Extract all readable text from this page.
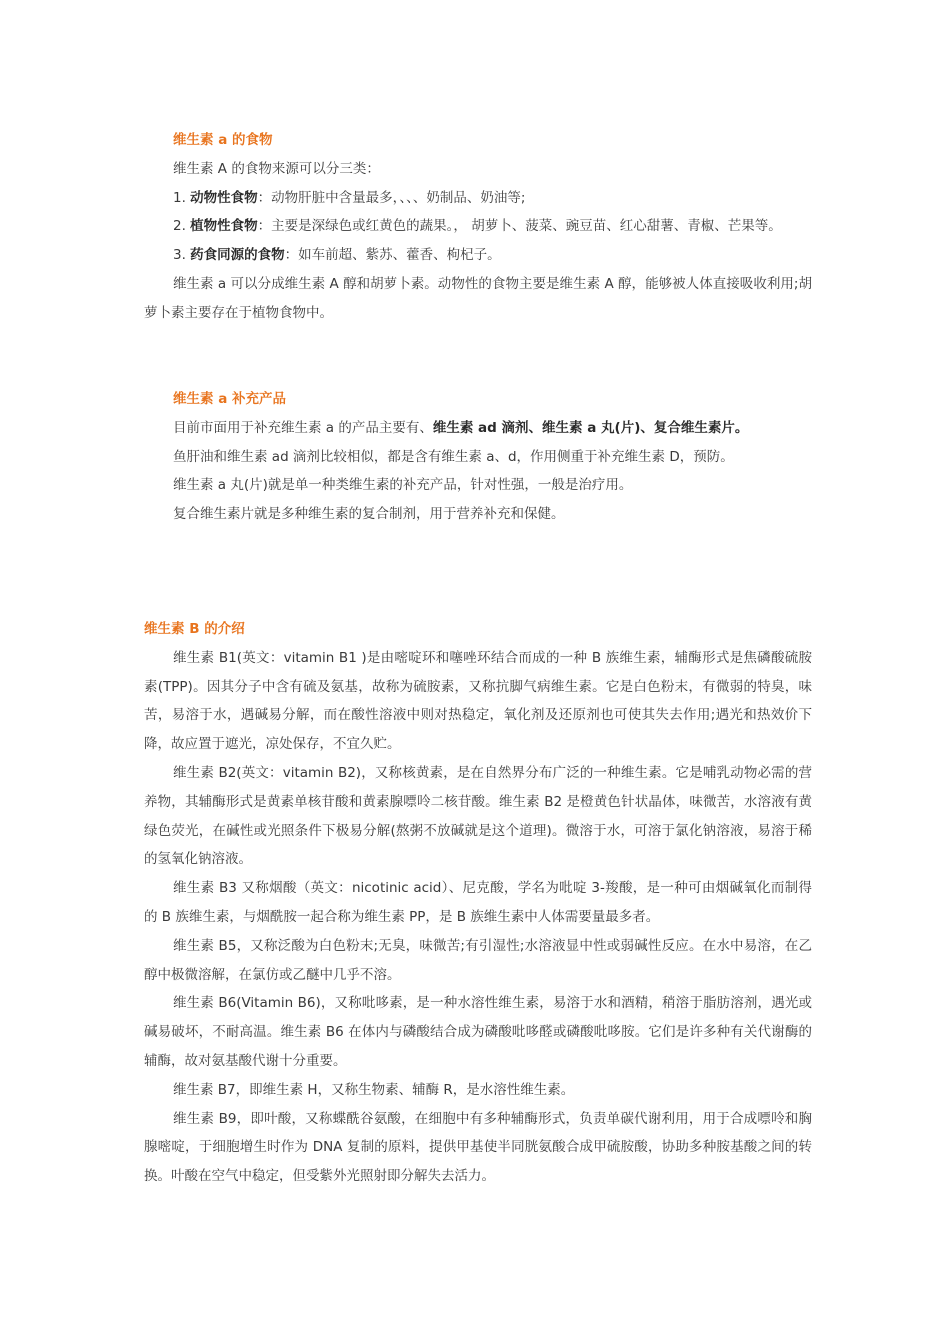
维生素 a 的食物

维生素 A 的食物来源可以分三类：

1. 动物性食物：动物肝脏中含量最多，、、、奶制品、奶油等;

2. 植物性食物：主要是深绿色或红黄色的蔬果。， 胡萝卜、菠菜、豌豆苗、红心甜薯、青椒、芒果等。

3. 药食同源的食物：如车前超、紫苏、藿香、枸杞子。

维生素 a 可以分成维生素 A 醇和胡萝卜素。动物性的食物主要是维生素 A 醇，能够被人体直接吸收利用;胡萝卜素主要存在于植物食物中。

维生素 a 补充产品

目前市面用于补充维生素 a 的产品主要有、维生素 ad 滴剂、维生素 a 丸(片)、复合维生素片。

鱼肝油和维生素 ad 滴剂比较相似，都是含有维生素 a、d，作用侧重于补充维生素 D，预防。

维生素 a 丸(片)就是单一种类维生素的补充产品，针对性强，一般是治疗用。

复合维生素片就是多种维生素的复合制剂，用于营养补充和保健。

维生素 B 的介绍

维生素 B1(英文：vitamin B1 )是由嘧啶环和噻唑环结合而成的一种 B 族维生素，辅酶形式是焦磷酸硫胺素(TPP)。因其分子中含有硫及氨基，故称为硫胺素，又称抗脚气病维生素。它是白色粉末，有微弱的特臭，味苦，易溶于水，遇碱易分解，而在酸性溶液中则对热稳定，氧化剂及还原剂也可使其失去作用;遇光和热效价下降，故应置于遮光，凉处保存，不宜久贮。

维生素 B2(英文：vitamin B2)，又称核黄素，是在自然界分布广泛的一种维生素。它是哺乳动物必需的营养物，其辅酶形式是黄素单核苷酸和黄素腺嘌呤二核苷酸。维生素 B2 是橙黄色针状晶体，味微苦，水溶液有黄绿色荧光，在碱性或光照条件下极易分解(熬粥不放碱就是这个道理)。微溶于水，可溶于氯化钠溶液，易溶于稀的氢氧化钠溶液。

维生素 B3 又称烟酸（英文：nicotinic acid）、尼克酸，学名为吡啶 3-羧酸，是一种可由烟碱氧化而制得的 B 族维生素，与烟酰胺一起合称为维生素 PP，是 B 族维生素中人体需要量最多者。

维生素 B5，又称泛酸为白色粉末;无臭，味微苦;有引湿性;水溶液显中性或弱碱性反应。在水中易溶，在乙醇中极微溶解，在氯仿或乙醚中几乎不溶。

维生素 B6(Vitamin B6)，又称吡哆素，是一种水溶性维生素，易溶于水和酒精，稍溶于脂肪溶剂，遇光或碱易破坏，不耐高温。维生素 B6 在体内与磷酸结合成为磷酸吡哆醛或磷酸吡哆胺。它们是许多种有关代谢酶的辅酶，故对氨基酸代谢十分重要。

维生素 B7，即维生素 H，又称生物素、辅酶 R，是水溶性维生素。

维生素 B9，即叶酸，又称蝶酰谷氨酸，在细胞中有多种辅酶形式，负责单碳代谢利用，用于合成嘌呤和胸腺嘧啶，于细胞增生时作为 DNA 复制的原料，提供甲基使半同胱氨酸合成甲硫胺酸，协助多种胺基酸之间的转换。叶酸在空气中稳定，但受紫外光照射即分解失去活力。
